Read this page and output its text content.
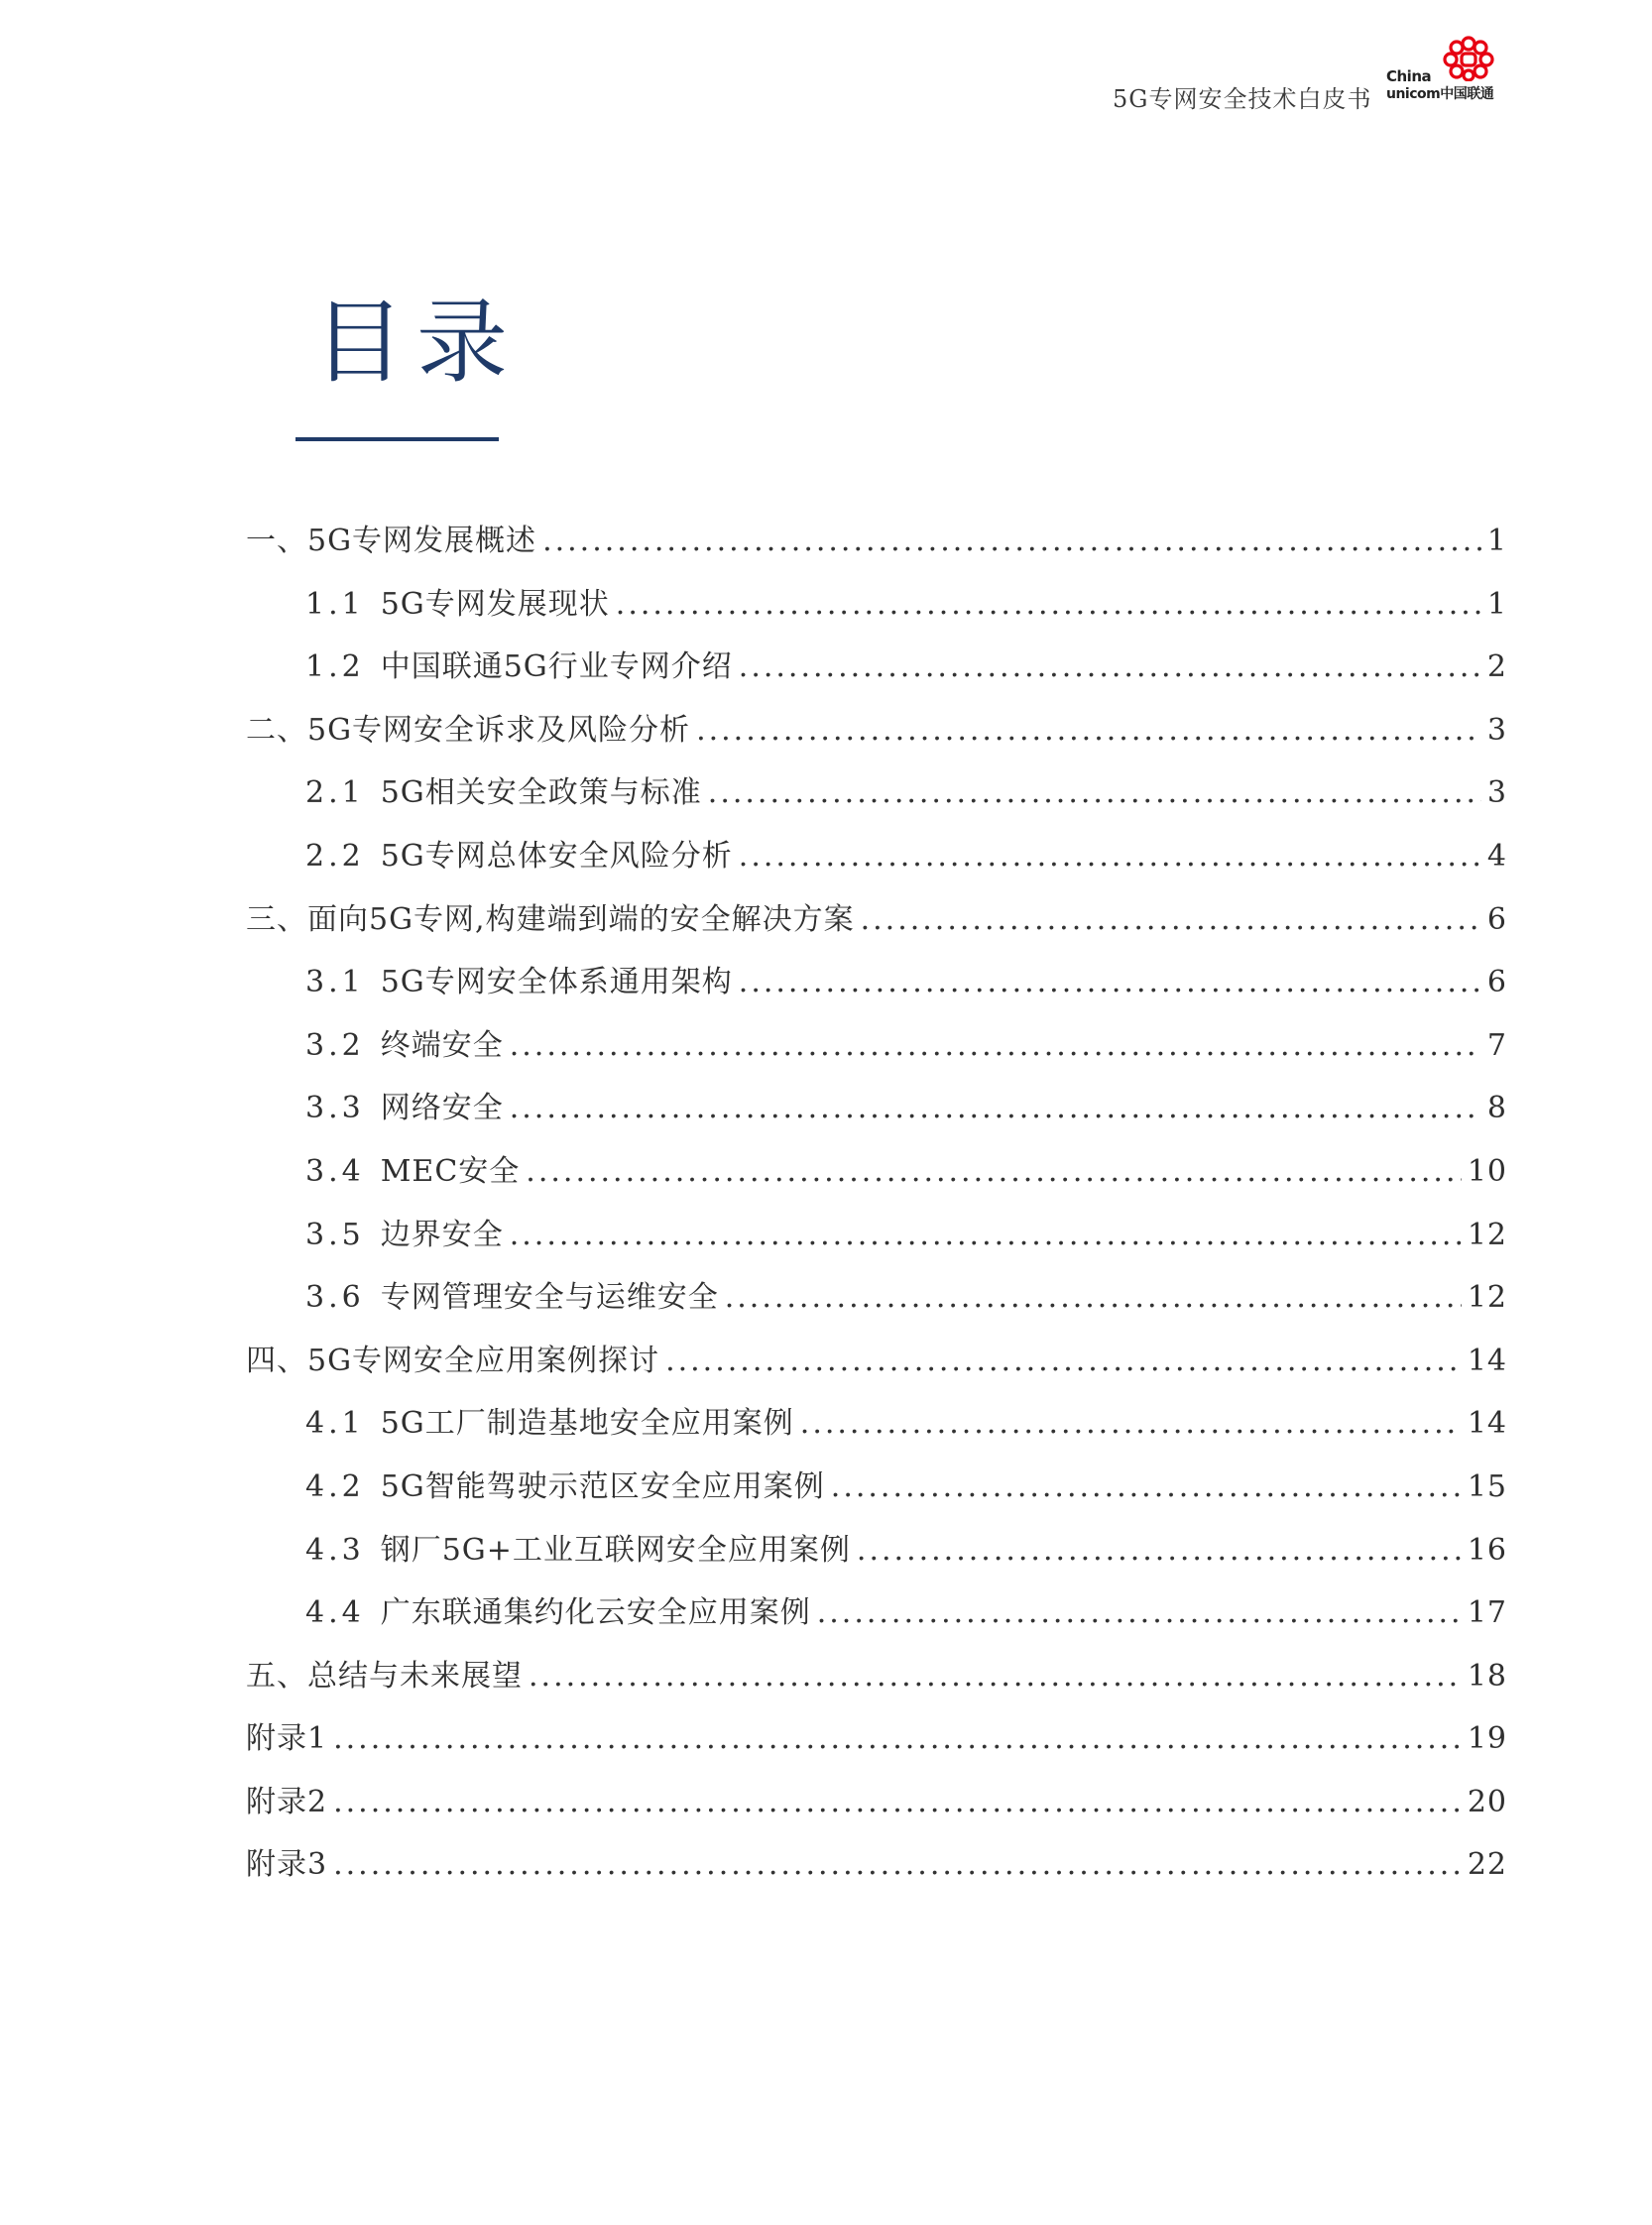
5G专网安全技术白皮书
China
unicom中国联通
目录
一、5G专网发展概述 .....	1
1.1 5G专网发展现状 .....	1
1.2 中国联通5G行业专网介绍 .....	2
二、5G专网安全诉求及风险分析 .....	3
2.1 5G相关安全政策与标准 .....	3
2.2 5G专网总体安全风险分析 .....	4
三、面向5G专网,构建端到端的安全解决方案 .....	6
3.1 5G专网安全体系通用架构 .....	6
3.2 终端安全 .....	7
3.3 网络安全 .....	8
3.4 MEC安全 .....	10
3.5 边界安全 .....	12
3.6 专网管理安全与运维安全 .....	12
四、5G专网安全应用案例探讨 .....	14
4.1 5G工厂制造基地安全应用案例 .....	14
4.2 5G智能驾驶示范区安全应用案例 .....	15
4.3 钢厂5G+工业互联网安全应用案例 .....	16
4.4 广东联通集约化云安全应用案例 .....	17
五、总结与未来展望 .....	18
附录1 .....	19
附录2 .....	20
附录3 .....	22
